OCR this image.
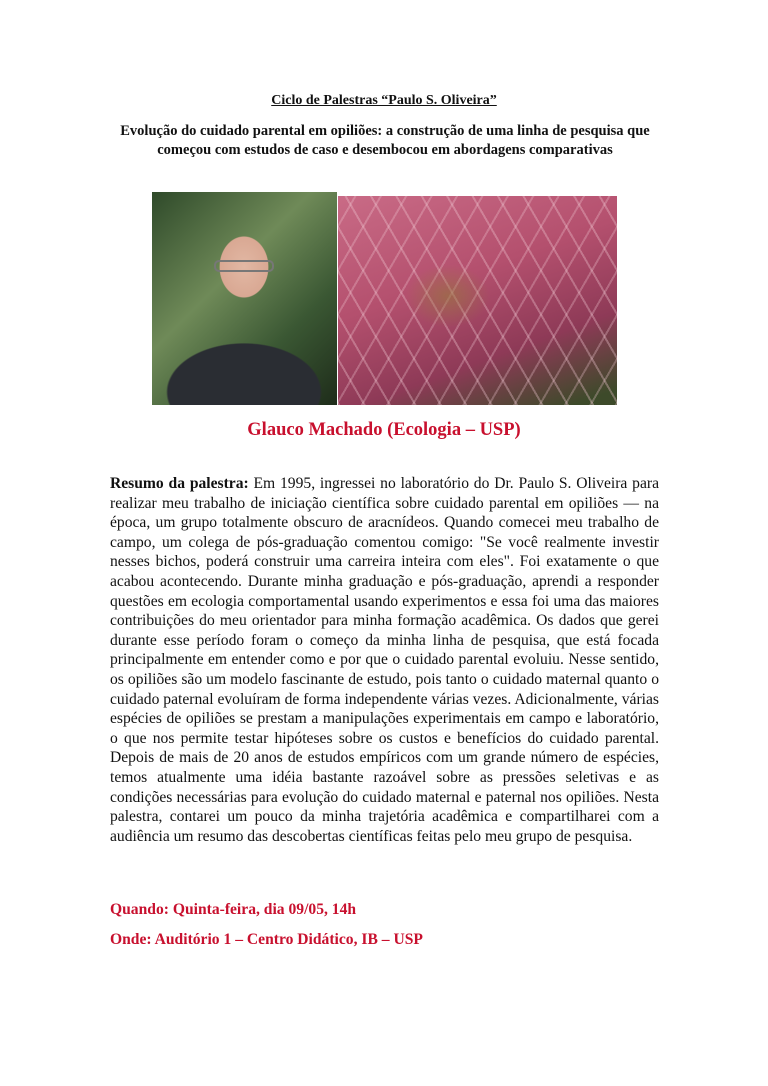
Ciclo de Palestras “Paulo S. Oliveira”
Evolução do cuidado parental em opiliões: a construção de uma linha de pesquisa que começou com estudos de caso e desembocou em abordagens comparativas
Glauco Machado (Ecologia – USP)
Resumo da palestra: Em 1995, ingressei no laboratório do Dr. Paulo S. Oliveira para realizar meu trabalho de iniciação científica sobre cuidado parental em opiliões — na época, um grupo totalmente obscuro de aracnídeos. Quando comecei meu trabalho de campo, um colega de pós-graduação comentou comigo: "Se você realmente investir nesses bichos, poderá construir uma carreira inteira com eles". Foi exatamente o que acabou acontecendo. Durante minha graduação e pós-graduação, aprendi a responder questões em ecologia comportamental usando experimentos e essa foi uma das maiores contribuições do meu orientador para minha formação acadêmica. Os dados que gerei durante esse período foram o começo da minha linha de pesquisa, que está focada principalmente em entender como e por que o cuidado parental evoluiu. Nesse sentido, os opiliões são um modelo fascinante de estudo, pois tanto o cuidado maternal quanto o cuidado paternal evoluíram de forma independente várias vezes. Adicionalmente, várias espécies de opiliões se prestam a manipulações experimentais em campo e laboratório, o que nos permite testar hipóteses sobre os custos e benefícios do cuidado parental. Depois de mais de 20 anos de estudos empíricos com um grande número de espécies, temos atualmente uma idéia bastante razoável sobre as pressões seletivas e as condições necessárias para evolução do cuidado maternal e paternal nos opiliões. Nesta palestra, contarei um pouco da minha trajetória acadêmica e compartilharei com a audiência um resumo das descobertas científicas feitas pelo meu grupo de pesquisa.
Quando: Quinta-feira, dia 09/05, 14h
Onde: Auditório 1 – Centro Didático, IB – USP
